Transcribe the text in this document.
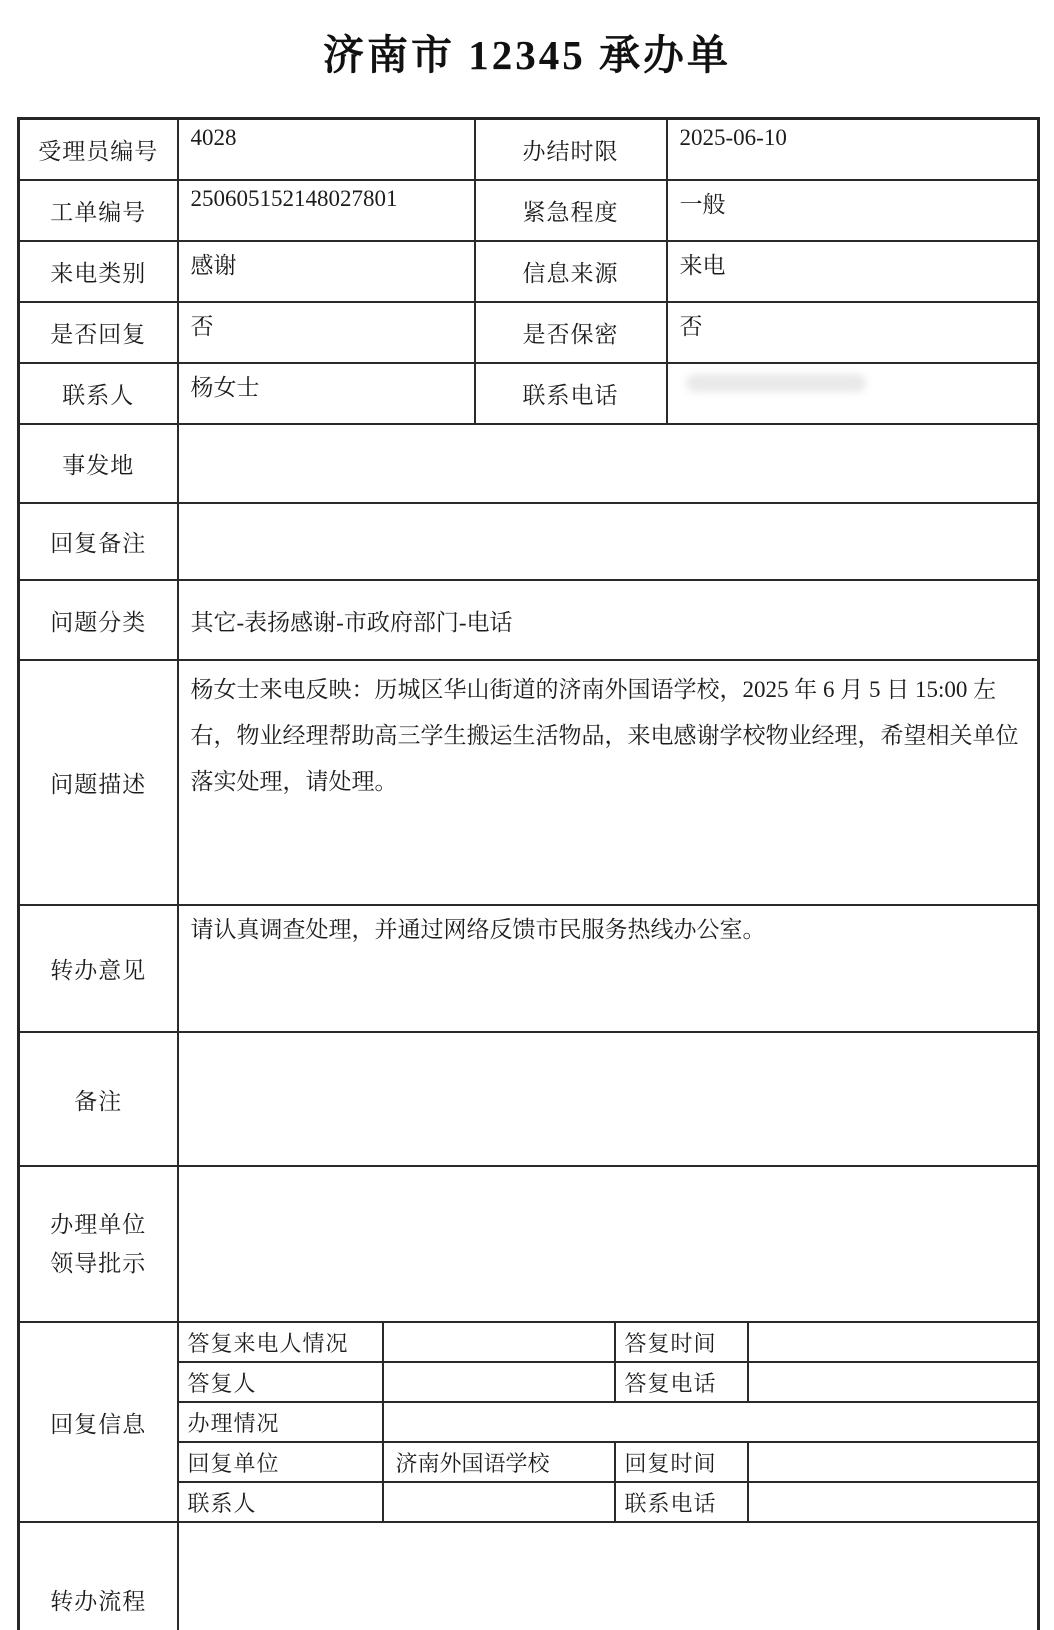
济南市 12345 承办单
受理员编号	4028	办结时限	2025-06-10
工单编号	250605152148027801	紧急程度	一般
来电类别	感谢	信息来源	来电
是否回复	否	是否保密	否
联系人	杨女士	联系电话	

事发地	
回复备注	
问题分类	其它-表扬感谢-市政府部门-电话
问题描述	杨女士来电反映：历城区华山街道的济南外国语学校，2025 年 6 月 5 日 15:00 左右，物业经理帮助高三学生搬运生活物品，来电感谢学校物业经理，希望相关单位落实处理，请处理。
转办意见	请认真调查处理，并通过网络反馈市民服务热线办公室。
备注	
办理单位领导批示	
回复信息	
答复来电人情况		答复时间	
答复人		答复电话	
办理情况	
回复单位	济南外国语学校	回复时间	
联系人		联系电话	

转办流程	
